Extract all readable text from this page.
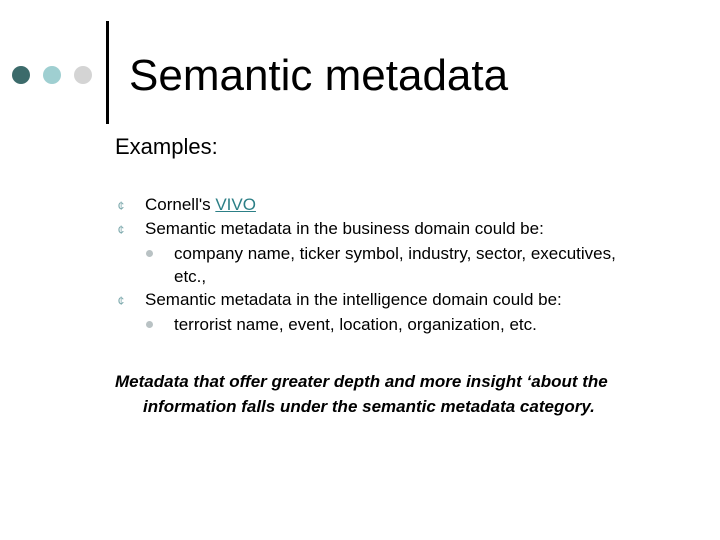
Semantic metadata
Examples:
¢ Cornell's VIVO
¢ Semantic metadata in the business domain could be:
company name, ticker symbol, industry, sector, executives,
etc.,
¢ Semantic metadata in the intelligence domain could be:
terrorist name, event, location, organization, etc.
Metadata that offer greater depth and more insight ‘about the
information falls under the semantic metadata category.
